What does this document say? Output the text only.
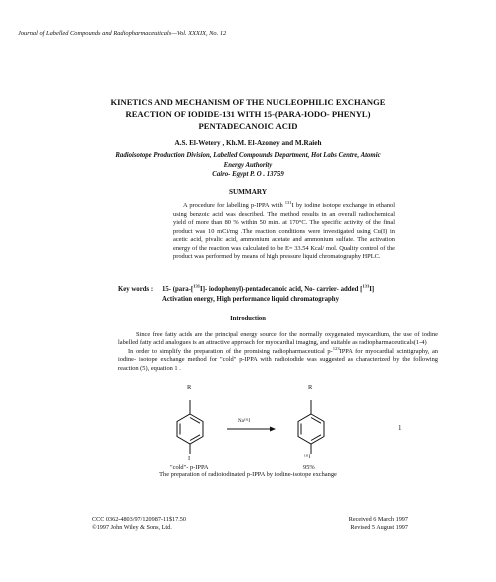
Journal of Labelled Compounds and Radiopharmaceuticals—Vol. XXXIX, No. 12
KINETICS AND MECHANISM OF THE NUCLEOPHILIC EXCHANGE
REACTION OF IODIDE-131 WITH 15-(PARA-IODO- PHENYL)
PENTADECANOIC ACID
A.S. El-Wetery , Kh.M. El-Azoney and M.Raieh
Radioisotope Production Division, Labelled Compounds Department, Hot Labs Centre, Atomic
Energy Authority
Cairo- Egypt P. O . 13759
SUMMARY
A procedure for labelling p-IPPA with $^{131}$I by iodine isotope exchange in ethanol using benzoic acid was described. The method results in an overall radiochemical yield of more than 80 % within 50 min. at 170°C. The specific activity of the final product was 10 mCi/mg .The reaction conditions were investigated using Cu(I) in acetic acid, pivalic acid, ammonium acetate and ammonium sulfate. The activation energy of the reaction was calculated to be E= 33.54 Kcal/ mol. Quality control of the product was performed by means of high pressure liquid chromatography HPLC.
Key words : 15- (para-[$^{131}$I]- iodophenyl)-pentadecanoic acid, No- carrier- added [$^{131}$I]
Activation energy, High performance liquid chromatography
Introduction

Since free fatty acids are the principal energy source for the normally oxygenated myocardium, the use of iodine labelled fatty acid analogues is an attractive approach for myocardial imaging, and suitable as radiopharmaceuticals(1-4)

In order to simplify the preparation of the promising radiopharmaceutical p-$^{123}$IPPA for myocardial scintigraphy, an iodine- isotope exchange method for "cold" p-IPPA with radioiodide was suggested as characterized by the following reaction (5), equation 1 .

R
I
Na¹³¹I
R
¹³¹I
1
"cold"- p-IPPA	95%
The preparation of radioiodinated p-IPPA by iodine-isotope exchange
CCC 0362-4803/97/120987-11$17.50
©1997 John Wiley & Sons, Ltd.
Received 6 March 1997
Revised 5 August 1997
